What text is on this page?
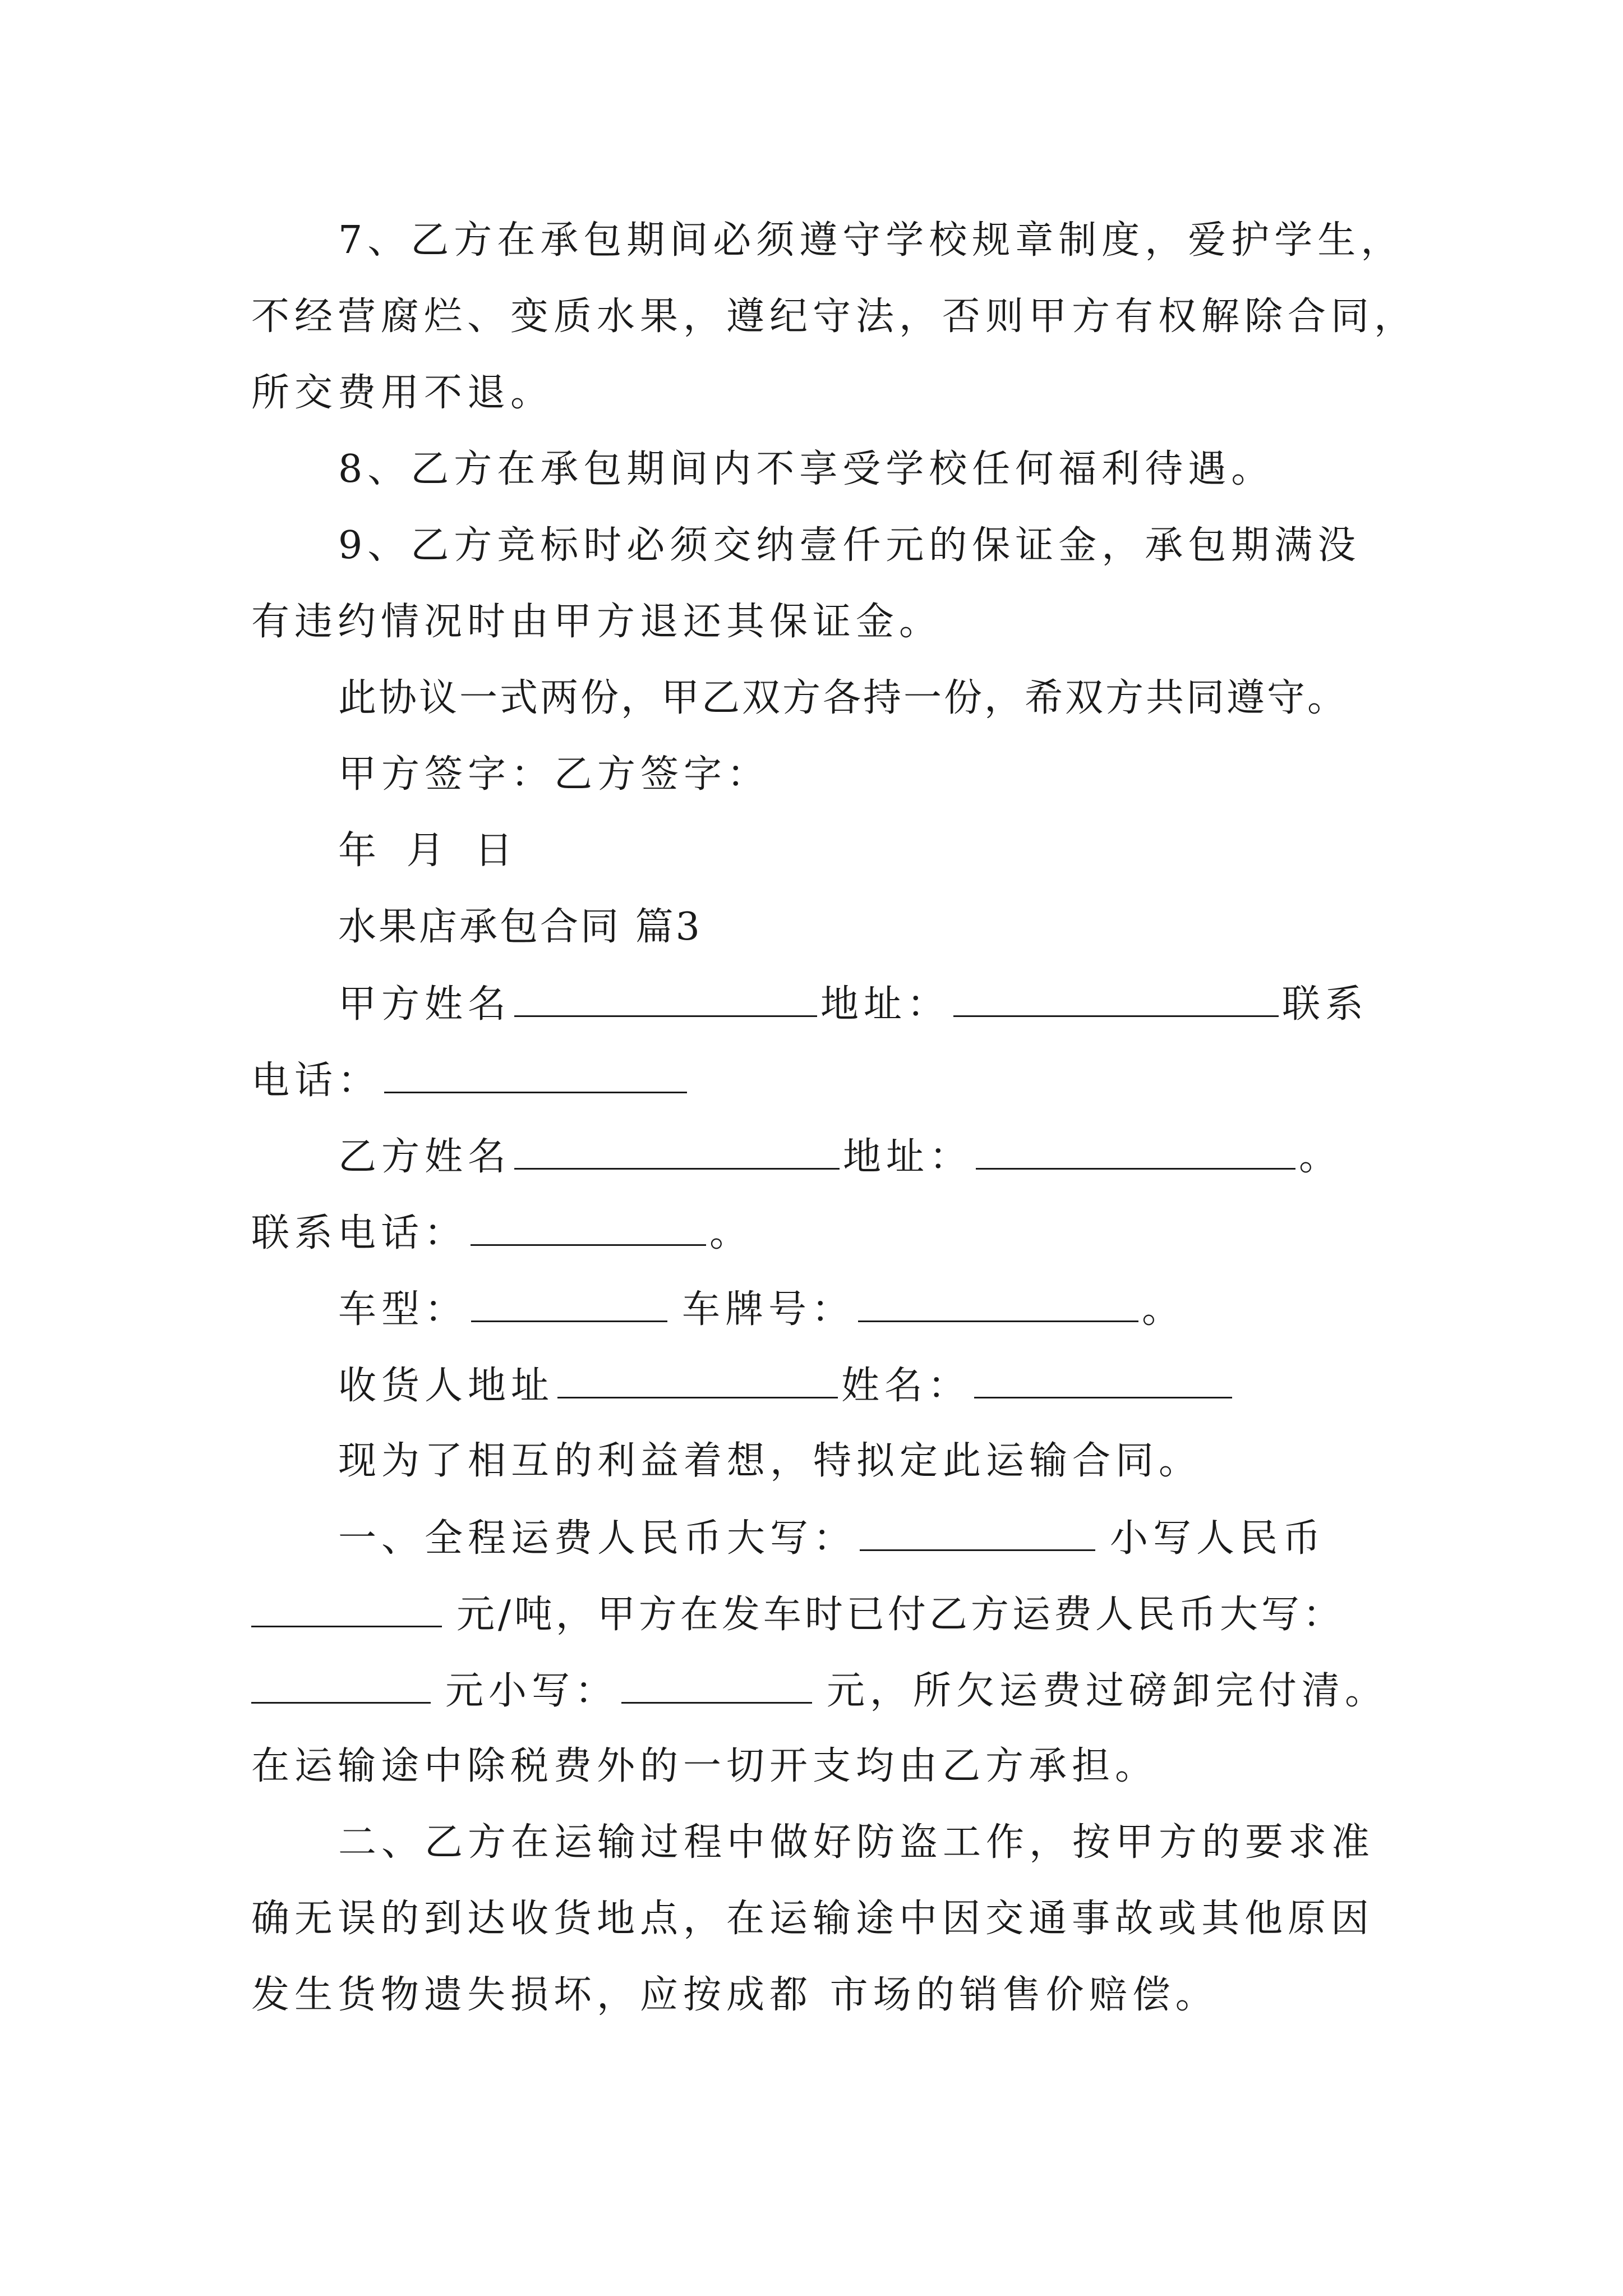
7、乙方在承包期间必须遵守学校规章制度，爱护学生，
不经营腐烂、变质水果，遵纪守法，否则甲方有权解除合同，
所交费用不退。
8、乙方在承包期间内不享受学校任何福利待遇。
9、乙方竞标时必须交纳壹仟元的保证金，承包期满没
有违约情况时由甲方退还其保证金。
此协议一式两份，甲乙双方各持一份，希双方共同遵守。
甲方签字：乙方签字：
年 月 日
水果店承包合同 篇3
甲方姓名	地址：	联系
电话：
乙方姓名	地址：	。
联系电话：	。
车型：	车牌号：	。
收货人地址	姓名：
现为了相互的利益着想，特拟定此运输合同。
一、全程运费人民币大写：	小写人民币
元/吨，甲方在发车时已付乙方运费人民币大写：
元小写：	元，所欠运费过磅卸完付清。
在运输途中除税费外的一切开支均由乙方承担。
二、乙方在运输过程中做好防盗工作，按甲方的要求准
确无误的到达收货地点，在运输途中因交通事故或其他原因
发生货物遗失损坏，应按成都 市场的销售价赔偿。
